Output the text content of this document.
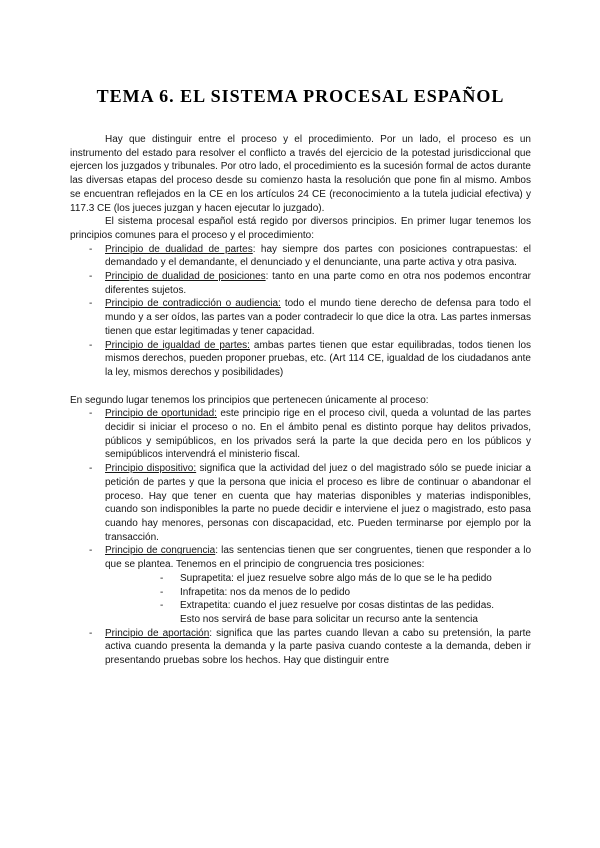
TEMA 6. EL SISTEMA PROCESAL ESPAÑOL

Hay que distinguir entre el proceso y el procedimiento. Por un lado, el proceso es un instrumento del estado para resolver el conflicto a través del ejercicio de la potestad jurisdiccional que ejercen los juzgados y tribunales. Por otro lado, el procedimiento es la sucesión formal de actos durante las diversas etapas del proceso desde su comienzo hasta la resolución que pone fin al mismo. Ambos se encuentran reflejados en la CE en los artículos 24 CE (reconocimiento a la tutela judicial efectiva) y 117.3 CE (los jueces juzgan y hacen ejecutar lo juzgado).

El sistema procesal español está regido por diversos principios. En primer lugar tenemos los principios comunes para el proceso y el procedimiento:

- Principio de dualidad de partes: hay siempre dos partes con posiciones contrapuestas: el demandado y el demandante, el denunciado y el denunciante, una parte activa y otra pasiva.
- Principio de dualidad de posiciones: tanto en una parte como en otra nos podemos encontrar diferentes sujetos.
- Principio de contradicción o audiencia: todo el mundo tiene derecho de defensa para todo el mundo y a ser oídos, las partes van a poder contradecir lo que dice la otra. Las partes inmersas tienen que estar legitimadas y tener capacidad.
- Principio de igualdad de partes: ambas partes tienen que estar equilibradas, todos tienen los mismos derechos, pueden proponer pruebas, etc. (Art 114 CE, igualdad de los ciudadanos ante la ley, mismos derechos y posibilidades)

En segundo lugar tenemos los principios que pertenecen únicamente al proceso:

- Principio de oportunidad: este principio rige en el proceso civil, queda a voluntad de las partes decidir si iniciar el proceso o no. En el ámbito penal es distinto porque hay delitos privados, públicos y semipúblicos, en los privados será la parte la que decida pero en los públicos y semipúblicos intervendrá el ministerio fiscal.
- Principio dispositivo: significa que la actividad del juez o del magistrado sólo se puede iniciar a petición de partes y que la persona que inicia el proceso es libre de continuar o abandonar el proceso. Hay que tener en cuenta que hay materias disponibles y materias indisponibles, cuando son indisponibles la parte no puede decidir e interviene el juez o magistrado, esto pasa cuando hay menores, personas con discapacidad, etc. Pueden terminarse por ejemplo por la transacción.
- Principio de congruencia: las sentencias tienen que ser congruentes, tienen que responder a lo que se plantea. Tenemos en el principio de congruencia tres posiciones:
- Suprapetita: el juez resuelve sobre algo más de lo que se le ha pedido
- Infrapetita: nos da menos de lo pedido
- Extrapetita: cuando el juez resuelve por cosas distintas de las pedidas.
Esto nos servirá de base para solicitar un recurso ante la sentencia
- Principio de aportación: significa que las partes cuando llevan a cabo su pretensión, la parte activa cuando presenta la demanda y la parte pasiva cuando conteste a la demanda, deben ir presentando pruebas sobre los hechos. Hay que distinguir entre
